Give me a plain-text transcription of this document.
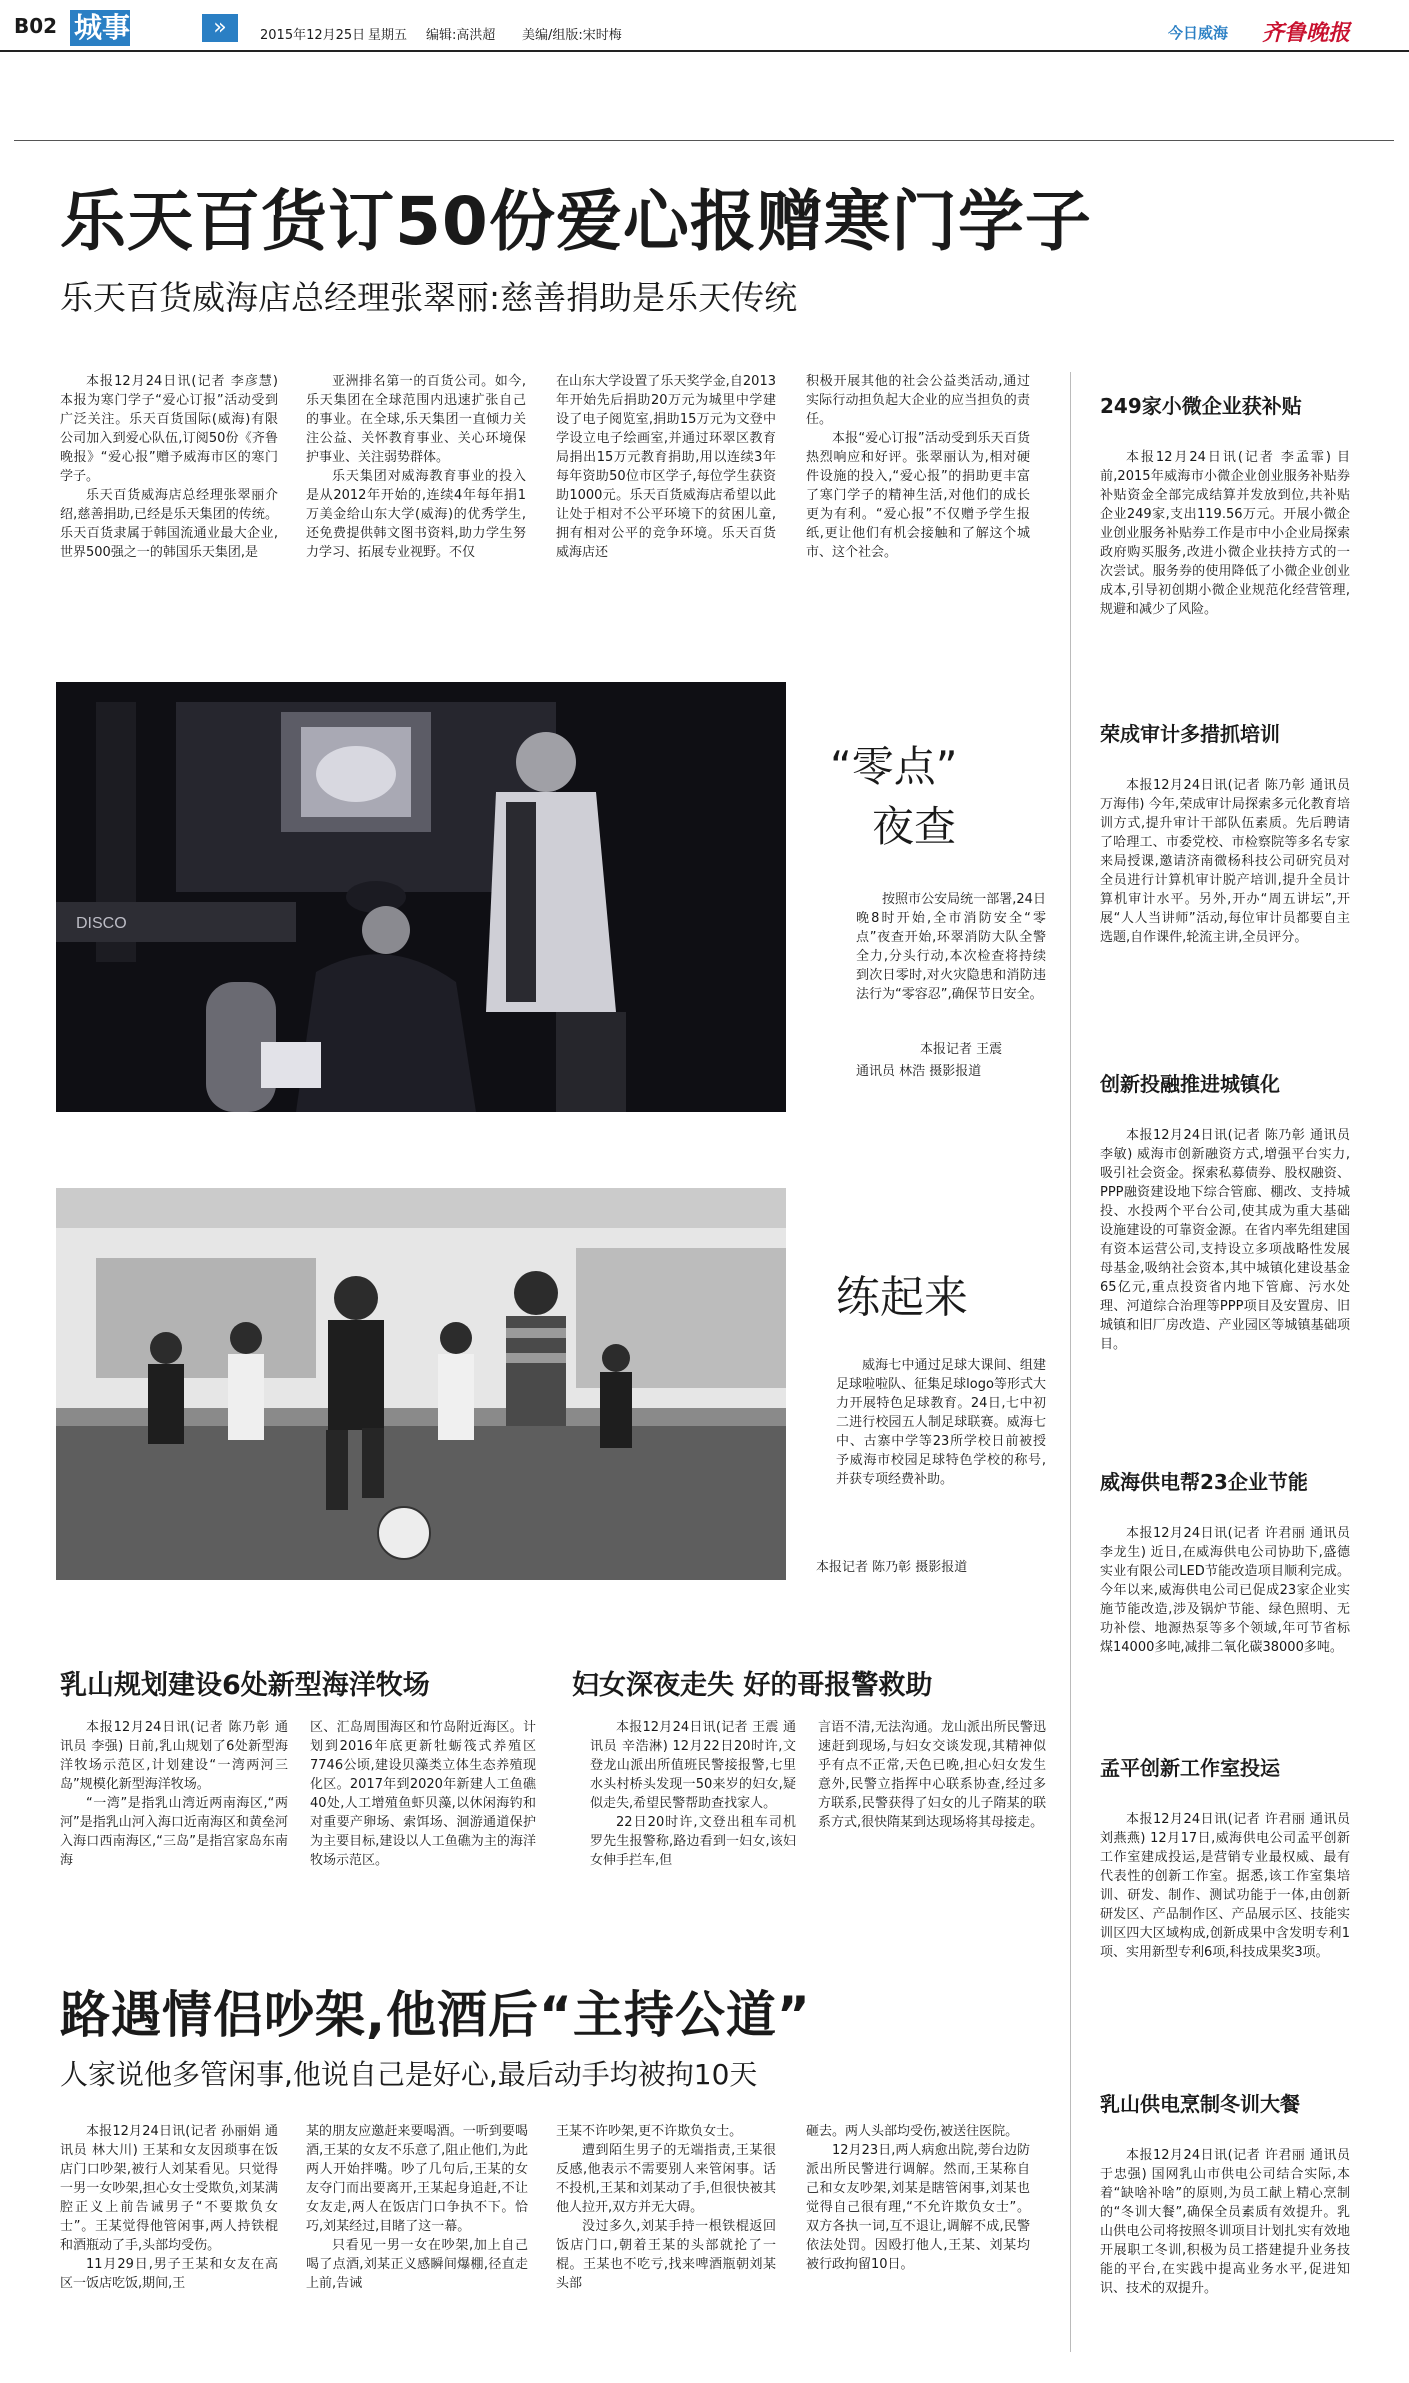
B02 城事	»	2015年12月25日 星期五 编辑:高洪超 美编/组版:宋时梅	今日威海 齐鲁晚报
乐天百货订50份爱心报赠寒门学子
乐天百货威海店总经理张翠丽:慈善捐助是乐天传统

本报12月24日讯(记者 李彦慧) 本报为寒门学子“爱心订报”活动受到广泛关注。乐天百货国际(威海)有限公司加入到爱心队伍,订阅50份《齐鲁晚报》“爱心报”赠予威海市区的寒门学子。

乐天百货威海店总经理张翠丽介绍,慈善捐助,已经是乐天集团的传统。乐天百货隶属于韩国流通业最大企业,世界500强之一的韩国乐天集团,是

亚洲排名第一的百货公司。如今,乐天集团在全球范围内迅速扩张自己的事业。在全球,乐天集团一直倾力关注公益、关怀教育事业、关心环境保护事业、关注弱势群体。

乐天集团对威海教育事业的投入是从2012年开始的,连续4年每年捐1万美金给山东大学(威海)的优秀学生,还免费提供韩文图书资料,助力学生努力学习、拓展专业视野。不仅

在山东大学设置了乐天奖学金,自2013年开始先后捐助20万元为城里中学建设了电子阅览室,捐助15万元为文登中学设立电子绘画室,并通过环翠区教育局捐出15万元教育捐助,用以连续3年每年资助50位市区学子,每位学生获资助1000元。乐天百货威海店希望以此让处于相对不公平环境下的贫困儿童,拥有相对公平的竞争环境。乐天百货威海店还

积极开展其他的社会公益类活动,通过实际行动担负起大企业的应当担负的责任。

本报“爱心订报”活动受到乐天百货热烈响应和好评。张翠丽认为,相对硬件设施的投入,“爱心报”的捐助更丰富了寒门学子的精神生活,对他们的成长更为有利。“爱心报”不仅赠予学生报纸,更让他们有机会接触和了解这个城市、这个社会。

DISCO
“零点”
夜查

按照市公安局统一部署,24日晚8时开始,全市消防安全“零点”夜查开始,环翠消防大队全警全力,分头行动,本次检查将持续到次日零时,对火灾隐患和消防违法行为“零容忍”,确保节日安全。

本报记者 王震
通讯员 林浩 摄影报道
练起来

威海七中通过足球大课间、组建足球啦啦队、征集足球logo等形式大力开展特色足球教育。24日,七中初二进行校园五人制足球联赛。威海七中、古寨中学等23所学校日前被授予威海市校园足球特色学校的称号,并获专项经费补助。

本报记者 陈乃彰 摄影报道
乳山规划建设6处新型海洋牧场

本报12月24日讯(记者 陈乃彰 通讯员 李强) 日前,乳山规划了6处新型海洋牧场示范区,计划建设“一湾两河三岛”规模化新型海洋牧场。

“一湾”是指乳山湾近两南海区,“两河”是指乳山河入海口近南海区和黄垒河入海口西南海区,“三岛”是指宫家岛东南海

区、汇岛周围海区和竹岛附近海区。计划到2016年底更新牡蛎筏式养殖区7746公顷,建设贝藻类立体生态养殖现化区。2017年到2020年新建人工鱼礁40处,人工增殖鱼虾贝藻,以休闲海钓和对重要产卵场、索饵场、洄游通道保护为主要目标,建设以人工鱼礁为主的海洋牧场示范区。

妇女深夜走失 好的哥报警救助

本报12月24日讯(记者 王震 通讯员 辛浩淋) 12月22日20时许,文登龙山派出所值班民警接报警,七里水头村桥头发现一50来岁的妇女,疑似走失,希望民警帮助查找家人。

22日20时许,文登出租车司机罗先生报警称,路边看到一妇女,该妇女伸手拦车,但

言语不清,无法沟通。龙山派出所民警迅速赶到现场,与妇女交谈发现,其精神似乎有点不正常,天色已晚,担心妇女发生意外,民警立指挥中心联系协查,经过多方联系,民警获得了妇女的儿子隋某的联系方式,很快隋某到达现场将其母接走。

路遇情侣吵架,他酒后“主持公道”
人家说他多管闲事,他说自己是好心,最后动手均被拘10天

本报12月24日讯(记者 孙丽娟 通讯员 林大川) 王某和女友因琐事在饭店门口吵架,被行人刘某看见。只觉得一男一女吵架,担心女士受欺负,刘某满腔正义上前告诫男子“不要欺负女士”。王某觉得他管闲事,两人持铁棍和酒瓶动了手,头部均受伤。

11月29日,男子王某和女友在高区一饭店吃饭,期间,王

某的朋友应邀赶来要喝酒。一听到要喝酒,王某的女友不乐意了,阻止他们,为此两人开始拌嘴。吵了几句后,王某的女友夺门而出要离开,王某起身追赶,不让女友走,两人在饭店门口争执不下。恰巧,刘某经过,目睹了这一幕。

只看见一男一女在吵架,加上自己喝了点酒,刘某正义感瞬间爆棚,径直走上前,告诫

王某不许吵架,更不许欺负女士。

遭到陌生男子的无端指责,王某很反感,他表示不需要别人来管闲事。话不投机,王某和刘某动了手,但很快被其他人拉开,双方并无大碍。

没过多久,刘某手持一根铁棍返回饭店门口,朝着王某的头部就抡了一棍。王某也不吃亏,找来啤酒瓶朝刘某头部

砸去。两人头部均受伤,被送往医院。

12月23日,两人病愈出院,蒡台边防派出所民警进行调解。然而,王某称自己和女友吵架,刘某是瞎管闲事,刘某也觉得自己很有理,“不允许欺负女士”。双方各执一词,互不退让,调解不成,民警依法处罚。因殴打他人,王某、刘某均被行政拘留10日。

249家小微企业获补贴

本报12月24日讯(记者 李孟霏) 目前,2015年威海市小微企业创业服务补贴券补贴资金全部完成结算并发放到位,共补贴企业249家,支出119.56万元。开展小微企业创业服务补贴券工作是市中小企业局探索政府购买服务,改进小微企业扶持方式的一次尝试。服务券的使用降低了小微企业创业成本,引导初创期小微企业规范化经营管理,规避和减少了风险。

荣成审计多措抓培训

本报12月24日讯(记者 陈乃彰 通讯员 万海伟) 今年,荣成审计局探索多元化教育培训方式,提升审计干部队伍素质。先后聘请了哈理工、市委党校、市检察院等多名专家来局授课,邀请济南微杨科技公司研究员对全员进行计算机审计脱产培训,提升全员计算机审计水平。另外,开办“周五讲坛”,开展“人人当讲师”活动,每位审计员都要自主选题,自作课件,轮流主讲,全员评分。

创新投融推进城镇化

本报12月24日讯(记者 陈乃彰 通讯员 李敏) 威海市创新融资方式,增强平台实力,吸引社会资金。探索私募债券、股权融资、PPP融资建设地下综合管廊、棚改、支持城投、水投两个平台公司,使其成为重大基础设施建设的可靠资金源。在省内率先组建国有资本运营公司,支持设立多项战略性发展母基金,吸纳社会资本,其中城镇化建设基金65亿元,重点投资省内地下管廊、污水处理、河道综合治理等PPP项目及安置房、旧城镇和旧厂房改造、产业园区等城镇基础项目。

威海供电帮23企业节能

本报12月24日讯(记者 许君丽 通讯员 李龙生) 近日,在威海供电公司协助下,盛德实业有限公司LED节能改造项目顺利完成。今年以来,威海供电公司已促成23家企业实施节能改造,涉及锅炉节能、绿色照明、无功补偿、地源热泵等多个领域,年可节省标煤14000多吨,减排二氧化碳38000多吨。

孟平创新工作室投运

本报12月24日讯(记者 许君丽 通讯员 刘燕燕) 12月17日,威海供电公司孟平创新工作室建成投运,是营销专业最权威、最有代表性的创新工作室。据悉,该工作室集培训、研发、制作、测试功能于一体,由创新研发区、产品制作区、产品展示区、技能实训区四大区域构成,创新成果中含发明专利1项、实用新型专利6项,科技成果奖3项。

乳山供电烹制冬训大餐

本报12月24日讯(记者 许君丽 通讯员 于忠强) 国网乳山市供电公司结合实际,本着“缺啥补啥”的原则,为员工献上精心烹制的“冬训大餐”,确保全员素质有效提升。乳山供电公司将按照冬训项目计划扎实有效地开展职工冬训,积极为员工搭建提升业务技能的平台,在实践中提高业务水平,促进知识、技术的双提升。
